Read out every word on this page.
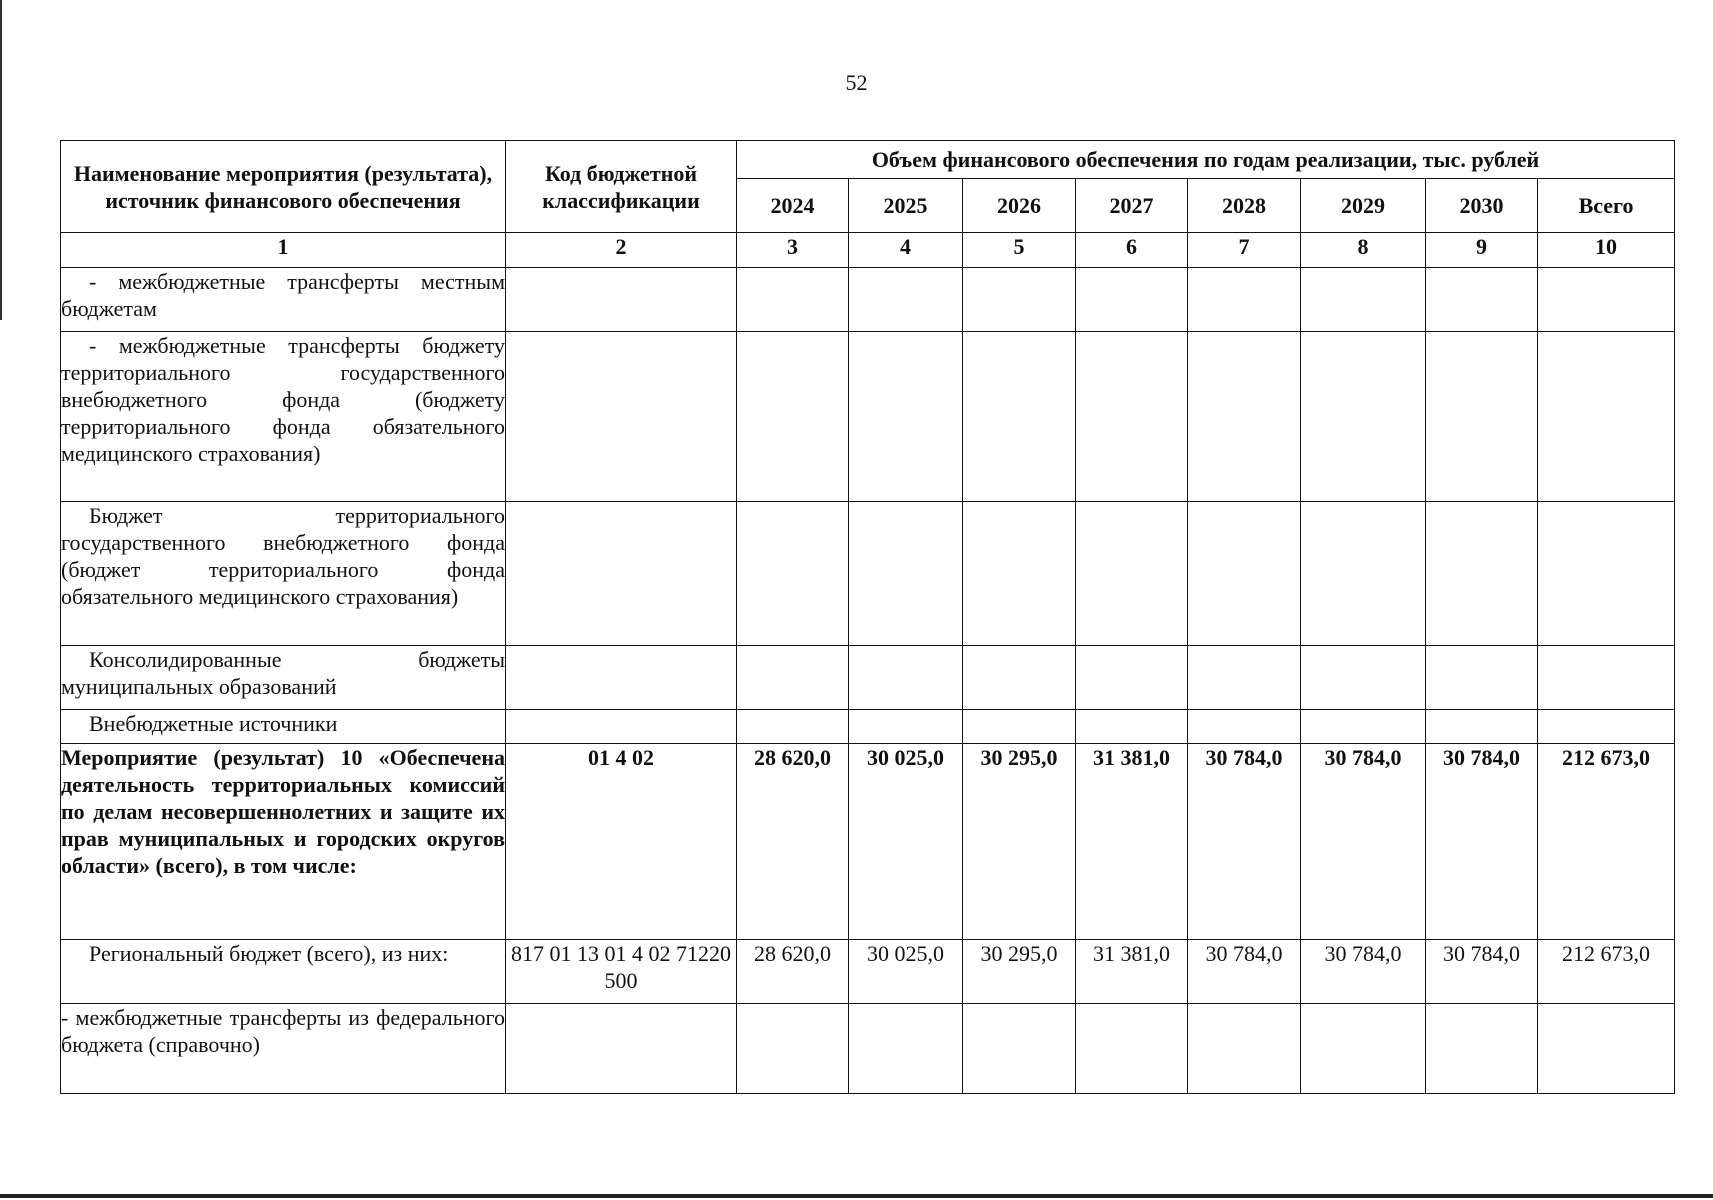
52
Наименование мероприятия (результата), источник финансового обеспечения	Код бюджетной классификации	Объем финансового обеспечения по годам реализации, тыс. рублей							
		2024	2025	2026	2027	2028	2029	2030	Всего
1	2	3	4	5	6	7	8	9	10
- межбюджетные трансферты местным бюджетам									
- межбюджетные трансферты бюджету территориального государственного внебюджетного фонда (бюджету территориального фонда обязательного медицинского страхования)									
Бюджет территориального государственного внебюджетного фонда (бюджет территориального фонда обязательного медицинского страхования)									
Консолидированные бюджеты муниципальных образований									
Внебюджетные источники									
Мероприятие (результат) 10 «Обеспечена деятельность территориальных комиссий по делам несовершеннолетних и защите их прав муниципальных и городских округов области» (всего), в том числе:	01 4 02	28 620,0	30 025,0	30 295,0	31 381,0	30 784,0	30 784,0	30 784,0	212 673,0
Региональный бюджет (всего), из них:	817 01 13 01 4 02 71220 500	28 620,0	30 025,0	30 295,0	31 381,0	30 784,0	30 784,0	30 784,0	212 673,0
- межбюджетные трансферты из федерального бюджета (справочно)									
